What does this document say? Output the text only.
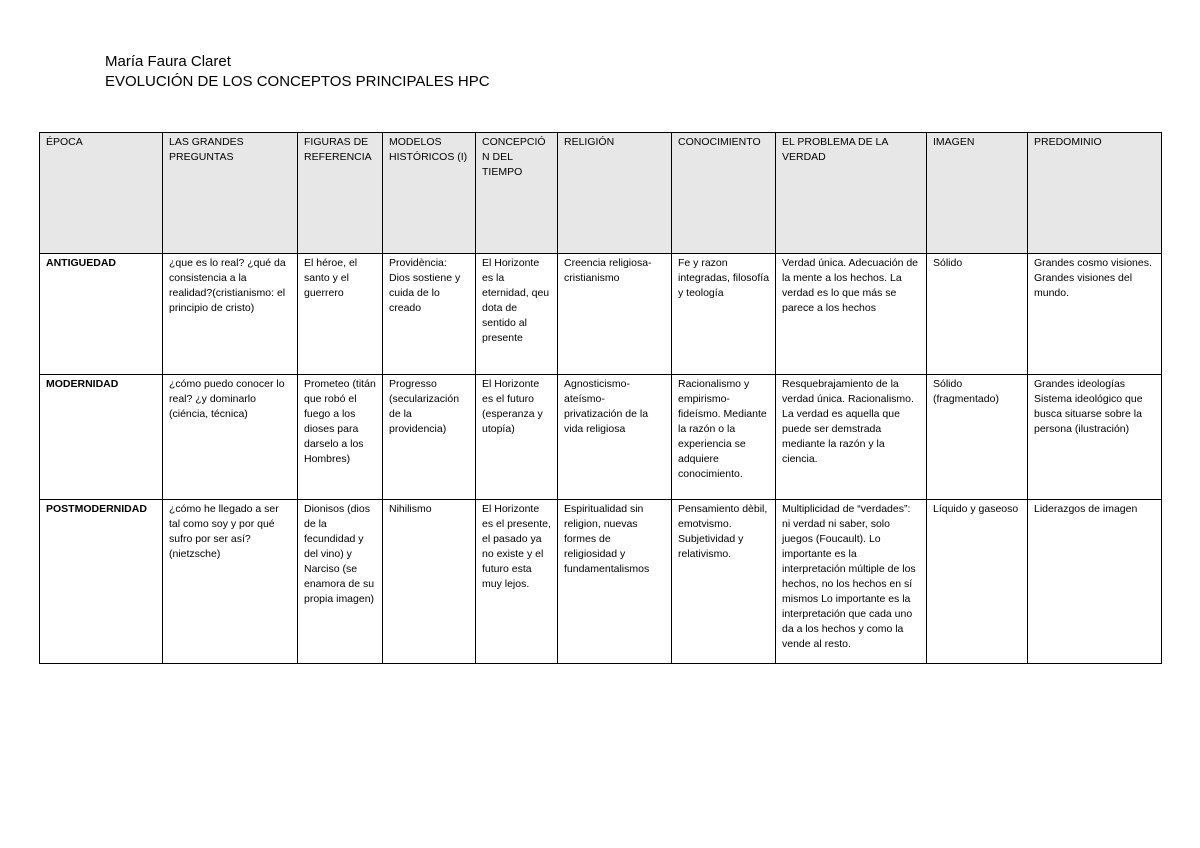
María Faura Claret
EVOLUCIÓN DE LOS CONCEPTOS PRINCIPALES HPC
ÉPOCA	LAS GRANDES PREGUNTAS	FIGURAS DE REFERENCIA	MODELOS HISTÓRICOS (I)	CONCEPCIÓN DEL TIEMPO	RELIGIÓN	CONOCIMIENTO	EL PROBLEMA DE LA VERDAD	IMAGEN	PREDOMINIO
ANTIGUEDAD	¿que es lo real? ¿qué da consistencia a la realidad?(cristianismo: el principio de cristo)	El héroe, el santo y el guerrero	Providència: Dios sostiene y cuida de lo creado	El Horizonte es la eternidad, qeu dota de sentido al presente	Creencia religiosa- cristianismo	Fe y razon integradas, filosofía y teología	Verdad única. Adecuación de la mente a los hechos. La verdad es lo que más se parece a los hechos	Sólido	Grandes cosmo visiones. Grandes visiones del mundo.
MODERNIDAD	¿cómo puedo conocer lo real? ¿y dominarlo (ciéncia, técnica)	Prometeo (titán que robó el fuego a los dioses para darselo a los Hombres)	Progresso (secularización de la providencia)	El Horizonte es el futuro (esperanza y utopía)	Agnosticismo- ateísmo- privatización de la vida religiosa	Racionalismo y empirismo- fideísmo. Mediante la razón o la experiencia se adquiere conocimiento.	Resquebrajamiento de la verdad única. Racionalismo. La verdad es aquella que puede ser demstrada mediante la razón y la ciencia.	Sólido (fragmentado)	Grandes ideologías Sistema ideológico que busca situarse sobre la persona (ilustración)
POSTMODERNIDAD	¿cómo he llegado a ser tal como soy y por qué sufro por ser así? (nietzsche)	Dionisos (dios de la fecundidad y del vino) y Narciso (se enamora de su propia imagen)	Nihilismo	El Horizonte es el presente, el pasado ya no existe y el futuro esta muy lejos.	Espiritualidad sin religion, nuevas formes de religiosidad y fundamentalismos	Pensamiento dèbil, emotvismo. Subjetividad y relativismo.	Multiplicidad de “verdades”: ni verdad ni saber, solo juegos (Foucault). Lo importante es la interpretación múltiple de los hechos, no los hechos en sí mismos Lo importante es la interpretación que cada uno da a los hechos y como la vende al resto.	Líquido y gaseoso	Liderazgos de imagen
